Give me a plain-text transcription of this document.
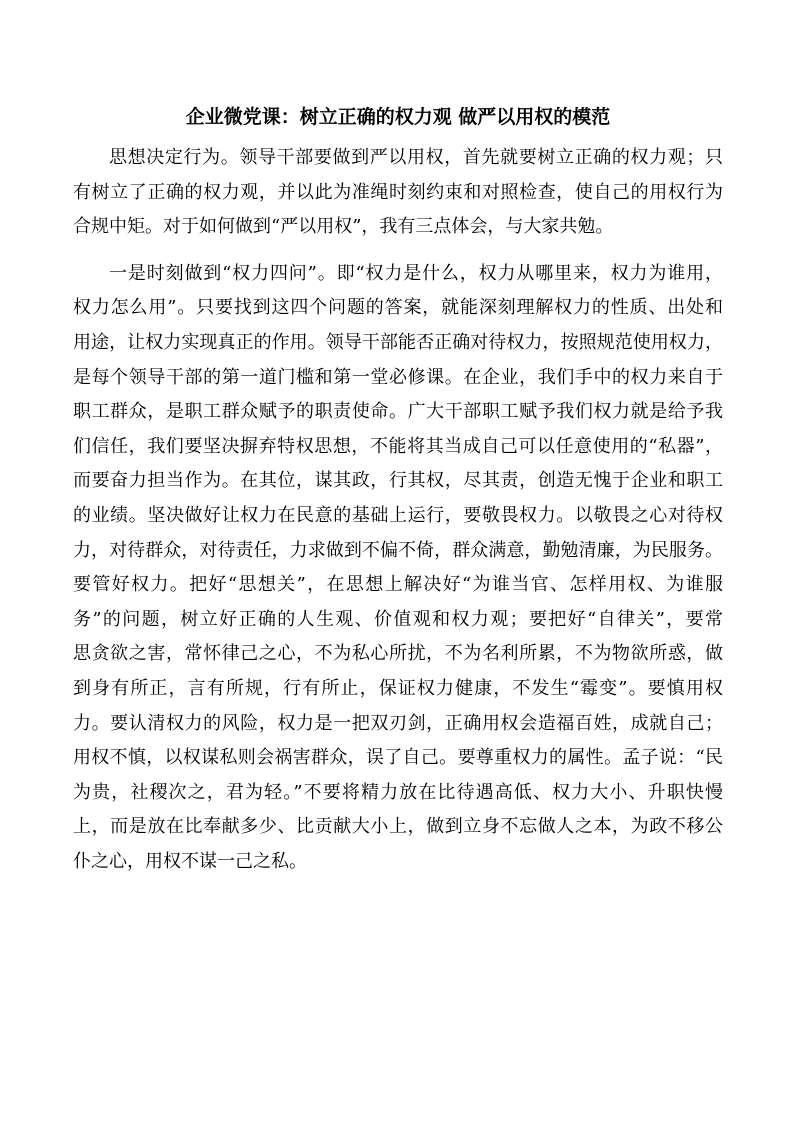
企业微党课：树立正确的权力观 做严以用权的模范

思想决定行为。领导干部要做到严以用权，首先就要树立正确的权力观；只
有树立了正确的权力观，并以此为准绳时刻约束和对照检查，使自己的用权行为
合规中矩。对于如何做到“严以用权”，我有三点体会，与大家共勉。

一是时刻做到“权力四问”。即“权力是什么，权力从哪里来，权力为谁用，
权力怎么用”。只要找到这四个问题的答案，就能深刻理解权力的性质、出处和
用途，让权力实现真正的作用。领导干部能否正确对待权力，按照规范使用权力，
是每个领导干部的第一道门槛和第一堂必修课。在企业，我们手中的权力来自于
职工群众，是职工群众赋予的职责使命。广大干部职工赋予我们权力就是给予我
们信任，我们要坚决摒弃特权思想，不能将其当成自己可以任意使用的“私器”，
而要奋力担当作为。在其位，谋其政，行其权，尽其责，创造无愧于企业和职工
的业绩。坚决做好让权力在民意的基础上运行，要敬畏权力。以敬畏之心对待权
力，对待群众，对待责任，力求做到不偏不倚，群众满意，勤勉清廉，为民服务。
要管好权力。把好“思想关”，在思想上解决好“为谁当官、怎样用权、为谁服
务”的问题，树立好正确的人生观、价值观和权力观；要把好“自律关”，要常
思贪欲之害，常怀律己之心，不为私心所扰，不为名利所累，不为物欲所惑，做
到身有所正，言有所规，行有所止，保证权力健康，不发生“霉变”。要慎用权
力。要认清权力的风险，权力是一把双刃剑，正确用权会造福百姓，成就自己；
用权不慎，以权谋私则会祸害群众，误了自己。要尊重权力的属性。孟子说：“民
为贵，社稷次之，君为轻。”不要将精力放在比待遇高低、权力大小、升职快慢
上，而是放在比奉献多少、比贡献大小上，做到立身不忘做人之本，为政不移公
仆之心，用权不谋一己之私。
